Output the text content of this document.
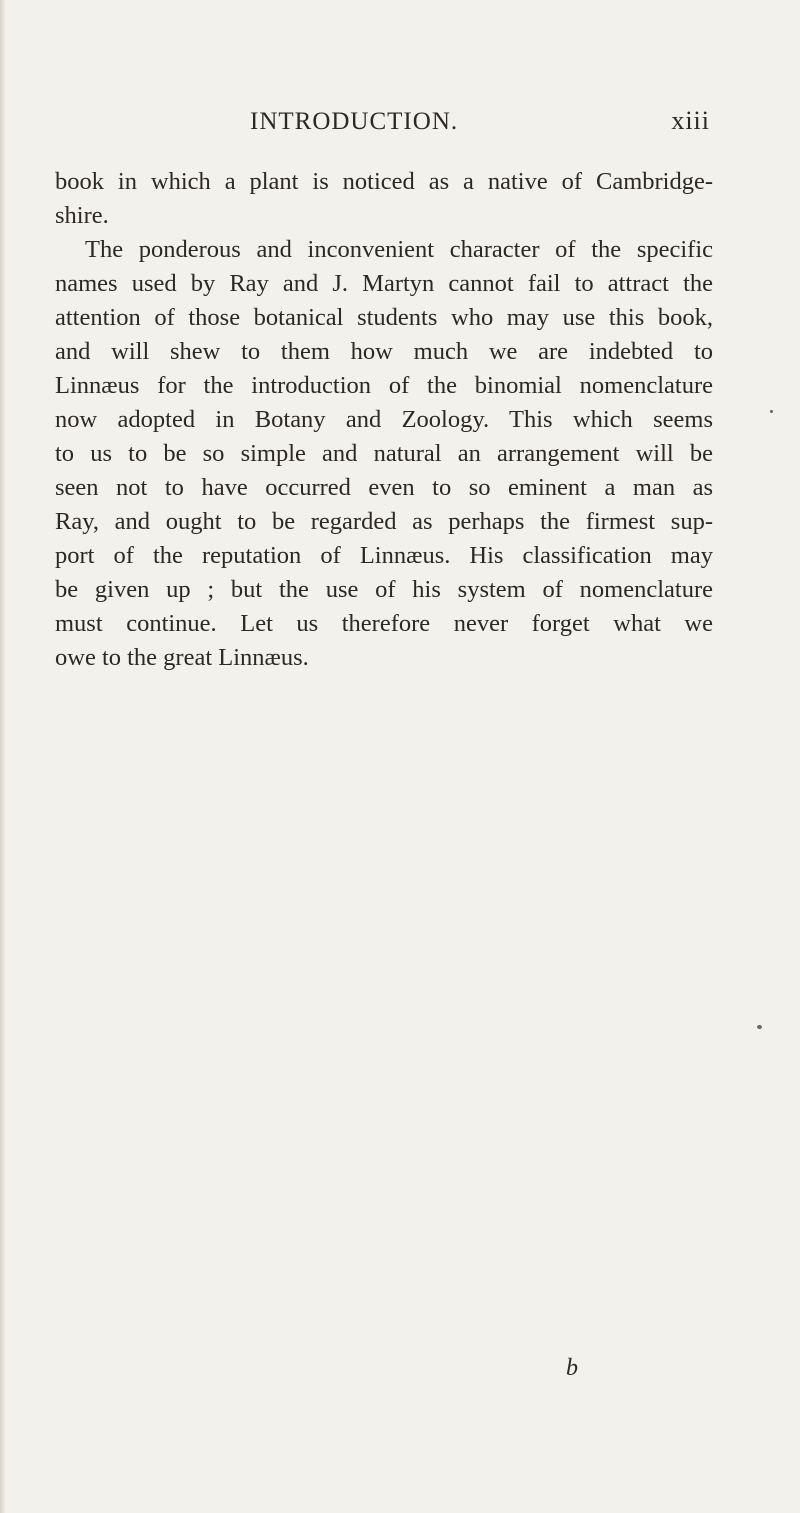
INTRODUCTION.	xiii
book in which a plant is noticed as a native of Cambridge-
shire.
The ponderous and inconvenient character of the specific
names used by Ray and J. Martyn cannot fail to attract the
attention of those botanical students who may use this book,
and will shew to them how much we are indebted to
Linnæus for the introduction of the binomial nomenclature
now adopted in Botany and Zoology. This which seems
to us to be so simple and natural an arrangement will be
seen not to have occurred even to so eminent a man as
Ray, and ought to be regarded as perhaps the firmest sup-
port of the reputation of Linnæus. His classification may
be given up ; but the use of his system of nomenclature
must continue. Let us therefore never forget what we
owe to the great Linnæus.
b
